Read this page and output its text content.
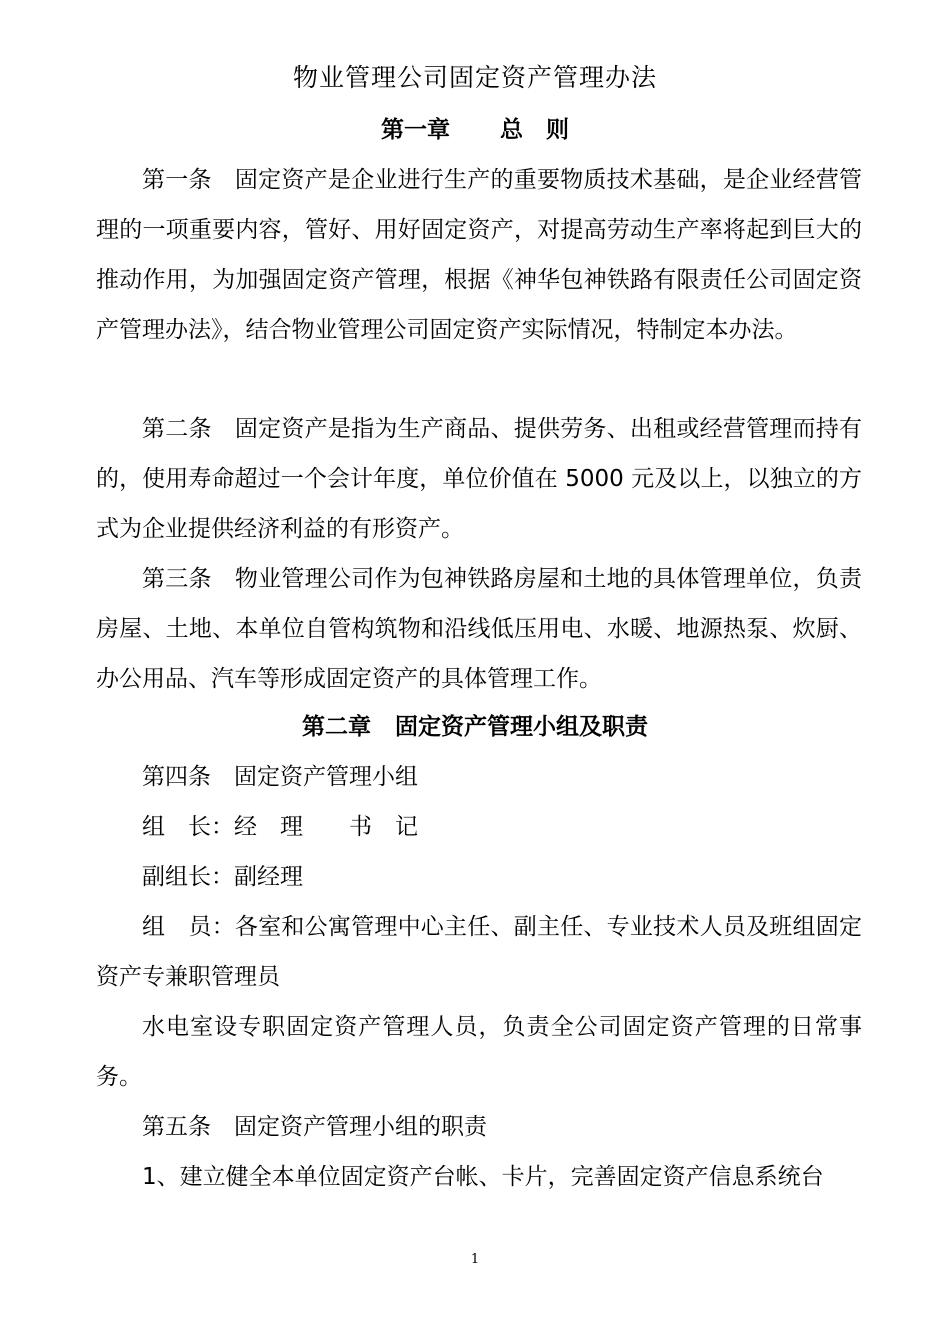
物业管理公司固定资产管理办法
第一章 总　则

第一条　固定资产是企业进行生产的重要物质技术基础，是企业经营管理的一项重要内容，管好、用好固定资产，对提高劳动生产率将起到巨大的推动作用，为加强固定资产管理，根据《神华包神铁路有限责任公司固定资产管理办法》，结合物业管理公司固定资产实际情况，特制定本办法。

第二条　固定资产是指为生产商品、提供劳务、出租或经营管理而持有的，使用寿命超过一个会计年度，单位价值在 5000 元及以上，以独立的方式为企业提供经济利益的有形资产。

第三条　物业管理公司作为包神铁路房屋和土地的具体管理单位，负责房屋、土地、本单位自管构筑物和沿线低压用电、水暖、地源热泵、炊厨、办公用品、汽车等形成固定资产的具体管理工作。

第二章 固定资产管理小组及职责
第四条　固定资产管理小组
组　长：经　理　　书　记
副组长：副经理

组　员：各室和公寓管理中心主任、副主任、专业技术人员及班组固定资产专兼职管理员

水电室设专职固定资产管理人员，负责全公司固定资产管理的日常事务。

第五条　固定资产管理小组的职责

1、建立健全本单位固定资产台帐、卡片，完善固定资产信息系统台

1
